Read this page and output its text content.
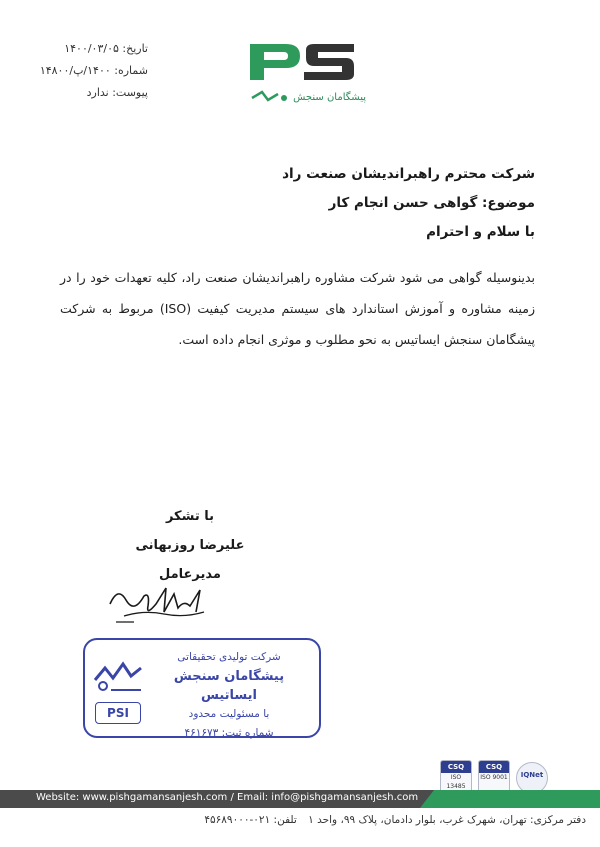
تاریخ: ۱۴۰۰/۰۳/۰۵
شماره: ۱۴۰۰/پ/۱۴۸۰۰
پیوست: ندارد	پیشگامان سنجش
شرکت محترم راهبراندیشان صنعت راد
موضوع: گواهی حسن انجام کار
با سلام و احترام
بدینوسیله گواهی می شود شرکت مشاوره راهبراندیشان صنعت راد، کلیه تعهدات خود را در زمینه مشاوره و آموزش استاندارد های سیستم مدیریت کیفیت (ISO) مربوط به شرکت پیشگامان سنجش ایساتیس به نحو مطلوب و موثری انجام داده است.
با تشکر
علیرضا روزبهانی
مدیرعامل
PSI
شرکت تولیدی تحقیقاتی
پیشگامان سنجش ایساتیس
با مسئولیت محدود
شماره ثبت: ۴۶۱۶۷۳
CSQ
ISO 13485
CSQ
ISO 9001	IQNet
Website: www.pishgamansanjesh.com / Email: info@pishgamansanjesh.com
دفتر مرکزی: تهران، شهرک غرب، بلوار دادمان، پلاک ۹۹، واحد ۱ تلفن: ۰۲۱-۴۵۶۸۹۰۰۰
